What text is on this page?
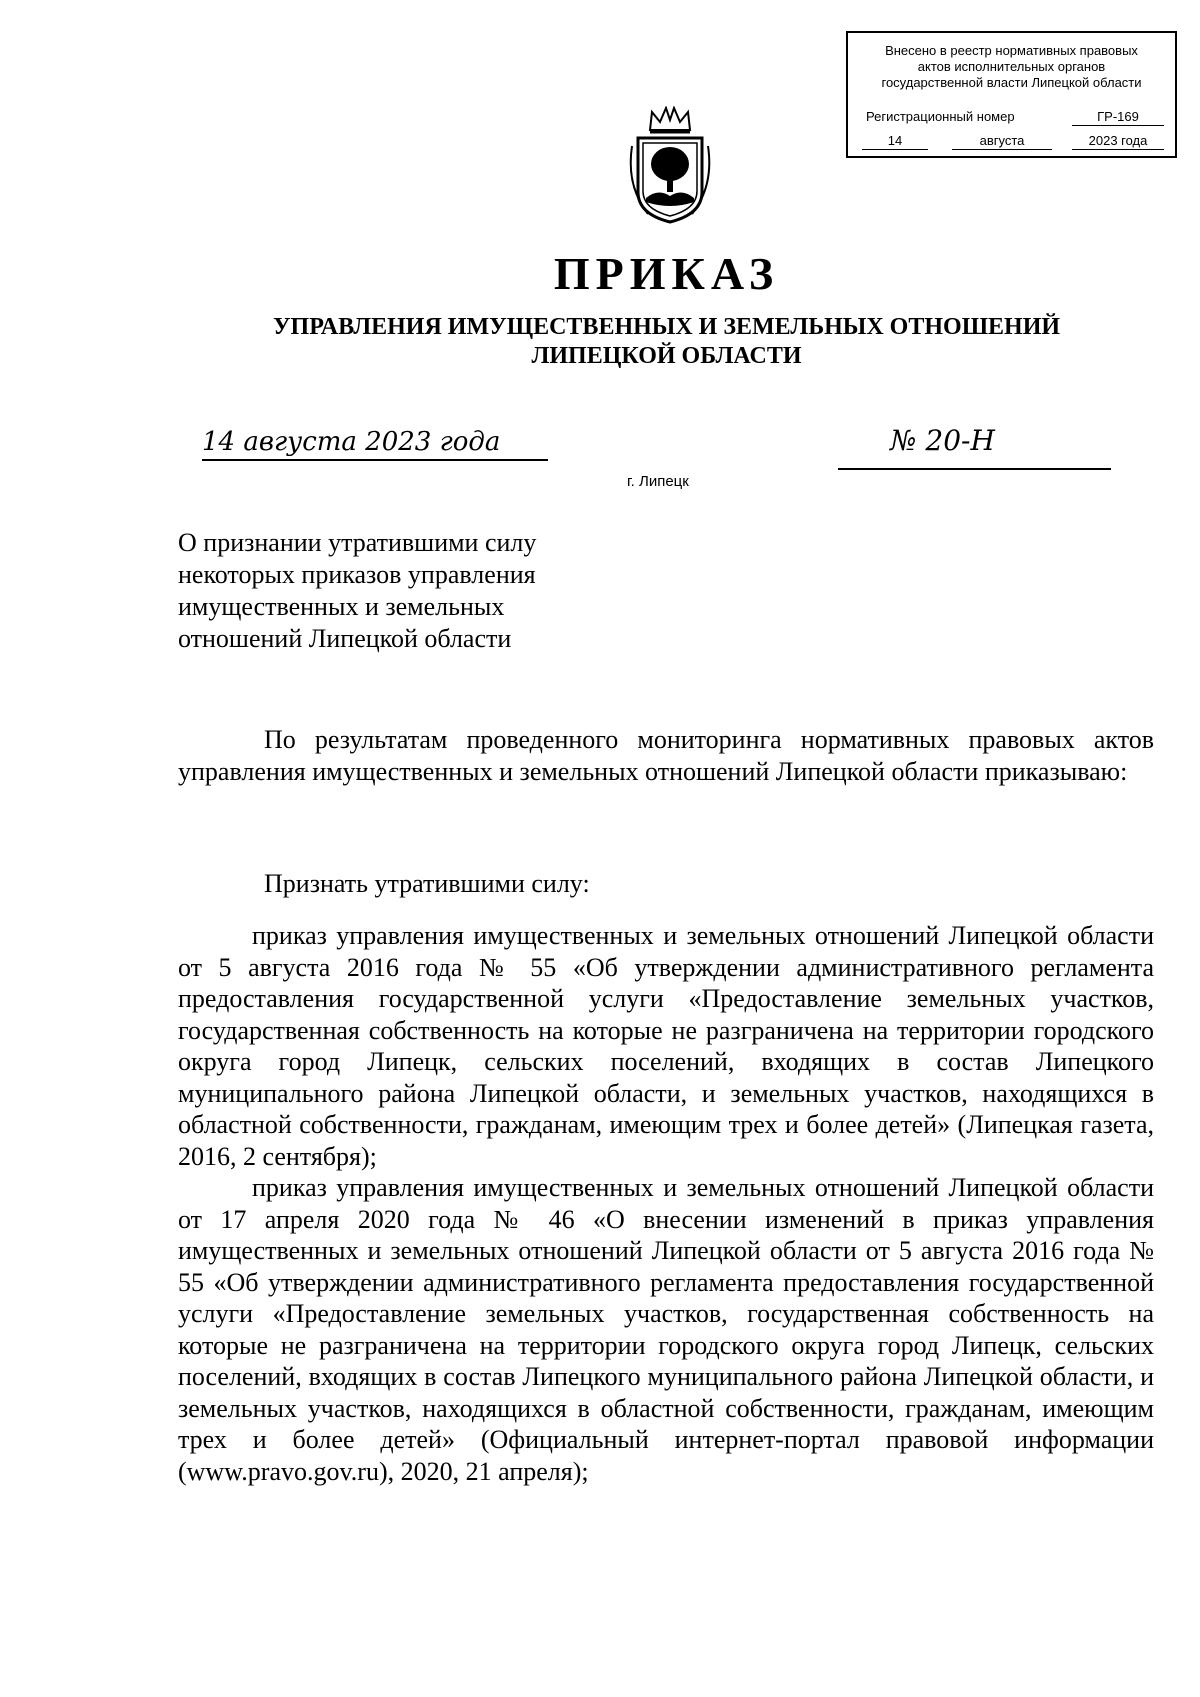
Внесено в реестр нормативных правовых
актов исполнительных органов
государственной власти Липецкой области
Регистрационный номер	ГР-169
14	августа	2023 года
ПРИКАЗ
УПРАВЛЕНИЯ ИМУЩЕСТВЕННЫХ И ЗЕМЕЛЬНЫХ ОТНОШЕНИЙ
ЛИПЕЦКОЙ ОБЛАСТИ
14 августа 2023 года
г. Липецк
№ 20-Н
О признании утратившими силу
некоторых приказов управления
имущественных и земельных
отношений Липецкой области

По результатам проведенного мониторинга нормативных правовых актов управления имущественных и земельных отношений Липецкой области приказываю:

Признать утратившими силу:

приказ управления имущественных и земельных отношений Липецкой области от 5 августа 2016 года № 55 «Об утверждении административного регламента предоставления государственной услуги «Предоставление земельных участков, государственная собственность на которые не разграничена на территории городского округа город Липецк, сельских поселений, входящих в состав Липецкого муниципального района Липецкой области, и земельных участков, находящихся в областной собственности, гражданам, имеющим трех и более детей» (Липецкая газета, 2016, 2 сентября);

приказ управления имущественных и земельных отношений Липецкой области от 17 апреля 2020 года № 46 «О внесении изменений в приказ управления имущественных и земельных отношений Липецкой области от 5 августа 2016 года № 55 «Об утверждении административного регламента предоставления государственной услуги «Предоставление земельных участков, государственная собственность на которые не разграничена на территории городского округа город Липецк, сельских поселений, входящих в состав Липецкого муниципального района Липецкой области, и земельных участков, находящихся в областной собственности, гражданам, имеющим трех и более детей» (Официальный интернет-портал правовой информации (www.pravo.gov.ru), 2020, 21 апреля);
